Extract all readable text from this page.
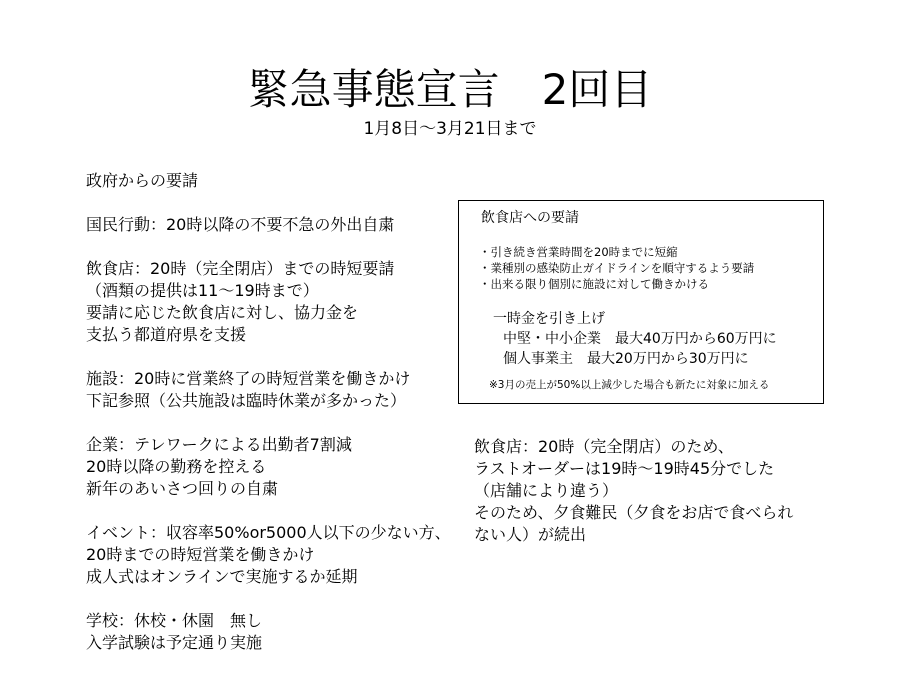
緊急事態宣言　2回目
1月8日～3月21日まで
政府からの要請
国民行動：20時以降の不要不急の外出自粛
飲食店：20時（完全閉店）までの時短要請
（酒類の提供は11～19時まで）
要請に応じた飲食店に対し、協力金を
支払う都道府県を支援
施設：20時に営業終了の時短営業を働きかけ
下記参照（公共施設は臨時休業が多かった）
企業：テレワークによる出勤者7割減
20時以降の勤務を控える
新年のあいさつ回りの自粛
イベント：収容率50%or5000人以下の少ない方、
20時までの時短営業を働きかけ
成人式はオンラインで実施するか延期
学校：休校・休園　無し
入学試験は予定通り実施
飲食店への要請
・引き続き営業時間を20時までに短縮
・業種別の感染防止ガイドラインを順守するよう要請
・出来る限り個別に施設に対して働きかける
一時金を引き上げ
中堅・中小企業　最大40万円から60万円に
個人事業主　最大20万円から30万円に
※3月の売上が50%以上減少した場合も新たに対象に加える
飲食店：20時（完全閉店）のため、
ラストオーダーは19時～19時45分でした
（店舗により違う）
そのため、夕食難民（夕食をお店で食べられ
ない人）が続出
